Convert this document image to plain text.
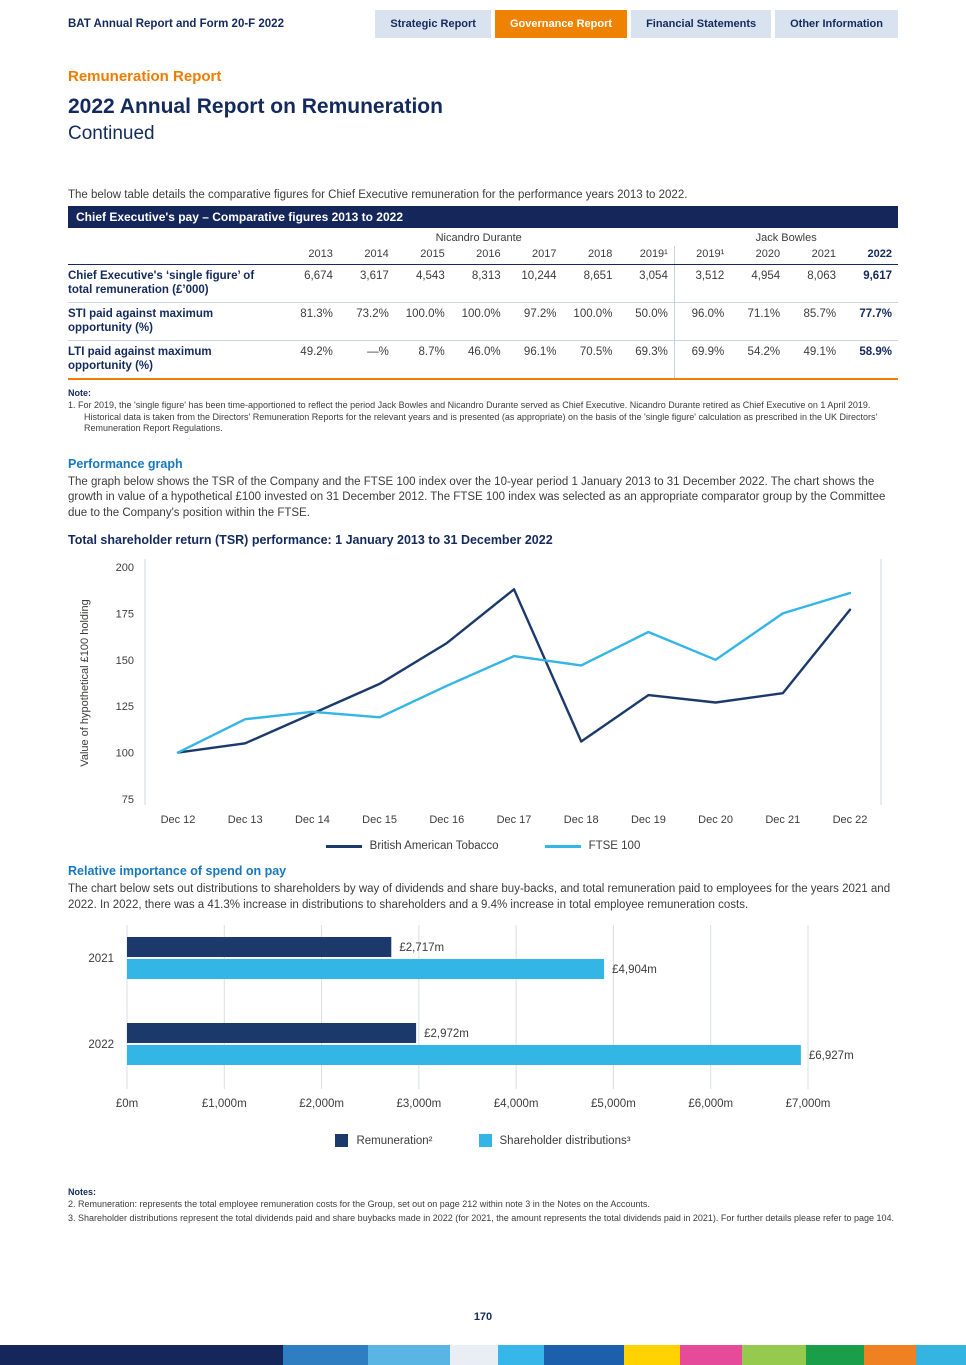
BAT Annual Report and Form 20-F 2022	Strategic Report	Governance Report	Financial Statements	Other Information
Remuneration Report
2022 Annual Report on Remuneration
Continued
The below table details the comparative figures for Chief Executive remuneration for the performance years 2013 to 2022.
Chief Executive's pay – Comparative figures 2013 to 2022
	Nicandro Durante							Jack Bowles			
	2013	2014	2015	2016	2017	2018	2019¹	2019¹	2020	2021	2022
Chief Executive's ‘single figure’ of total remuneration (£’000)	6,674	3,617	4,543	8,313	10,244	8,651	3,054	3,512	4,954	8,063	9,617
STI paid against maximum opportunity (%)	81.3%	73.2%	100.0%	100.0%	97.2%	100.0%	50.0%	96.0%	71.1%	85.7%	77.7%
LTI paid against maximum opportunity (%)	49.2%	—%	8.7%	46.0%	96.1%	70.5%	69.3%	69.9%	54.2%	49.1%	58.9%
Note:
1. For 2019, the 'single figure' has been time-apportioned to reflect the period Jack Bowles and Nicandro Durante served as Chief Executive. Nicandro Durante retired as Chief Executive on 1 April 2019. Historical data is taken from the Directors' Remuneration Reports for the relevant years and is presented (as appropriate) on the basis of the 'single figure' calculation as prescribed in the UK Directors' Remuneration Report Regulations.
Performance graph
The graph below shows the TSR of the Company and the FTSE 100 index over the 10-year period 1 January 2013 to 31 December 2022. The chart shows the growth in value of a hypothetical £100 invested on 31 December 2012. The FTSE 100 index was selected as an appropriate comparator group by the Committee due to the Company's position within the FTSE.
Total shareholder return (TSR) performance: 1 January 2013 to 31 December 2022
75
100
125
150
175
200
Dec 12	Dec 13	Dec 14	Dec 15	Dec 16	Dec 17	Dec 18	Dec 19	Dec 20	Dec 21	Dec 22
Value of hypothetical £100 holding
British American Tobacco	FTSE 100
Relative importance of spend on pay
The chart below sets out distributions to shareholders by way of dividends and share buy-backs, and total remuneration paid to employees for the years 2021 and 2022. In 2022, there was a 41.3% increase in distributions to shareholders and a 9.4% increase in total employee remuneration costs.
£0m	£1,000m	£2,000m	£3,000m	£4,000m	£5,000m	£6,000m	£7,000m
2021
£2,717m
£4,904m
2022
£2,972m
£6,927m
Remuneration²	Shareholder distributions³
Notes:
2. Remuneration: represents the total employee remuneration costs for the Group, set out on page 212 within note 3 in the Notes on the Accounts.
3. Shareholder distributions represent the total dividends paid and share buybacks made in 2022 (for 2021, the amount represents the total dividends paid in 2021). For further details please refer to page 104.
170
